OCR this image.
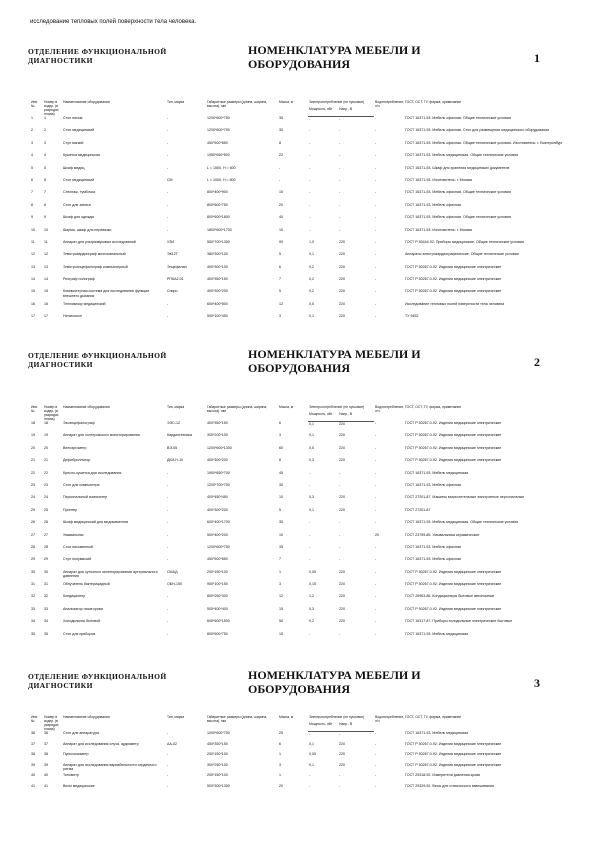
исследование тепловых полей поверхности тела человека.
ОТДЕЛЕНИЕ ФУНКЦИОНАЛЬНОЙ ДИАГНОСТИКИ
НОМЕНКЛАТУРА МЕБЕЛИ И ОБОРУДОВАНИЯ	1
Инв. №	Номер в кодир. (в разрядах плана)	Наименование оборудования	Тип, марка	Габаритные размеры (длина, ширина, высота), мм	Масса, кг	Электропотребление (не пусковое)		Водопотребление, л/ч	ГОСТ, ОСТ, ТУ, фирма, примечание
						Мощность, кВт	Напр., В		
1	1	Стол письм.	-	1200*600*750	35	-	-	-	ГОСТ 16371-93. Мебель офисная. Общие технические условия
2	2	Стол медицинский	-	1200*600*750	30	-	-	-	ГОСТ 16371-93. Мебель офисная. Стол для размещения медицинского оборудования
3	3	Стул мягкий	-	450*500*850	8	-	-	-	ГОСТ 16371-93. Мебель офисная. Общие технические условия. Изготовитель: г. Екатеринбург
4	4	Кушетка медицинская	-	1950*650*500	22	-	-	-	ГОСТ 16371-93. Мебель медицинская. Общие технические условия
5	5	Шкаф медиц.	-	L = 1500, H = 600	-	-	-	-	ГОСТ 16371-93. Шкаф для хранения медицинских документов
6	6	Стол медицинский	СМ	L = 1000, H = 800	-	-	-	-	ГОСТ 16371-93. Изготовитель: г. Москва
7	7	Стеллаж, тумбочка	-	800*400*900	15	-	-	-	ГОСТ 16371-93. Мебель офисная. Общие технические условия
8	8	Стол для записи	-	800*600*750	20	-	-	-	ГОСТ 16371-93. Мебель офисная
9	9	Шкаф для одежды	-	800*600*1800	40	-	-	-	ГОСТ 16371-93. Мебель офисная. Общие технические условия
10	10	Ширма, шкаф для перевязки	-	1800*600*1700	10	-	-	-	ГОСТ 16371-93. Изготовитель: г. Москва
11	11	Аппарат для ультразвуковых исследований	УЗИ	550*700*1300	90	1,0	220	-	ГОСТ Р 50444-92. Приборы медицинские. Общие технические условия
12	12	Электрокардиограф многоканальный	ЭК12Т	380*300*100	5	0,1	220	-	Аппараты электрокардиографические. Общие технические условия
13	13	Электроэнцефалограф компьютерный	Энцефалан	400*300*100	6	0,2	220	-	ГОСТ Р 50267.0-92. Изделия медицинские электрические
14	14	Реограф полиграф	РПКА2-01	400*350*150	7	0,2	220	-	ГОСТ Р 50267.0-92. Изделия медицинские электрические
15	15	Компьютерная система для исследования функции внешнего дыхания	Спиро	400*300*200	5	0,2	220	-	ГОСТ Р 50267.0-92. Изделия медицинские электрические
16	16	Тепловизор медицинский	-	600*400*500	12	0,5	220	-	Исследование тепловых полей поверхности тела человека
17	17	Негатоскоп	-	500*100*450	3	0,1	220	-	ТУ 9452
ОТДЕЛЕНИЕ ФУНКЦИОНАЛЬНОЙ ДИАГНОСТИКИ
НОМЕНКЛАТУРА МЕБЕЛИ И ОБОРУДОВАНИЯ	2
Инв. №	Номер в кодир. (в разрядах плана)	Наименование оборудования	Тип, марка	Габаритные размеры (длина, ширина, высота), мм	Масса, кг	Электропотребление (не пусковое)		Водопотребление, л/ч	ГОСТ, ОСТ, ТУ, фирма, примечание
						Мощность, кВт	Напр., В		
18	18	Эхоэнцефалограф	ЭЭС-12	400*350*150	6	0,1	220	-	ГОСТ Р 50267.0-92. Изделия медицинские электрические
19	19	Аппарат для холтеровского мониторирования	Кардиотехника	300*200*100	3	0,1	220	-	ГОСТ Р 50267.0-92. Изделия медицинские электрические
20	20	Велоэргометр	ВЭ-05	1200*600*1300	60	0,5	220	-	ГОСТ Р 50267.0-92. Изделия медицинские электрические
21	21	Дефибриллятор	ДКИ-Н-10	400*300*200	8	0,3	220	-	ГОСТ Р 50267.0-92. Изделия медицинские электрические
22	22	Кресло-кушетка для исследования	-	1900*650*700	45	-	-	-	ГОСТ 16371-93. Мебель медицинская
23	23	Стол для компьютера	-	1200*700*750	30	-	-	-	ГОСТ 16371-93. Мебель офисная
24	24	Персональный компьютер	-	400*450*450	10	0,3	220	-	ГОСТ 27201-87. Машины вычислительные электронные персональные
25	25	Принтер	-	400*300*200	5	0,1	220	-	ГОСТ 27201-87
26	26	Шкаф медицинский для медикаментов	-	600*400*1700	35	-	-	-	ГОСТ 16371-93. Мебель медицинская. Общие технические условия
27	27	Умывальник	-	500*400*200	10	-	-	20	ГОСТ 23759-85. Умывальники керамические
28	28	Стол письменный	-	1200*600*750	35	-	-	-	ГОСТ 16371-93. Мебель офисная
29	29	Стул полумягкий	-	450*500*850	7	-	-	-	ГОСТ 16371-93. Мебель офисная
30	30	Аппарат для суточного мониторирования артериального давления	СМАД	200*150*100	1	0,05	220	-	ГОСТ Р 50267.0-92. Изделия медицинские электрические
31	31	Облучатель бактерицидный	ОБН-150	900*100*150	3	0,15	220	-	ГОСТ Р 50267.0-92. Изделия медицинские электрические
32	32	Кондиционер	-	800*250*300	12	1,2	220	-	ГОСТ 26963-86. Кондиционеры бытовые автономные
33	33	Анализатор газов крови	-	500*400*400	15	0,3	220	-	ГОСТ Р 50267.0-92. Изделия медицинские электрические
34	34	Холодильник бытовой	-	600*600*1500	50	0,2	220	-	ГОСТ 16317-87. Приборы холодильные электрические бытовые
35	35	Стол для приборов	-	800*500*750	15	-	-	-	ГОСТ 16371-93. Мебель медицинская
ОТДЕЛЕНИЕ ФУНКЦИОНАЛЬНОЙ ДИАГНОСТИКИ
НОМЕНКЛАТУРА МЕБЕЛИ И ОБОРУДОВАНИЯ	3
Инв. №	Номер в кодир. (в разрядах плана)	Наименование оборудования	Тип, марка	Габаритные размеры (длина, ширина, высота), мм	Масса, кг	Электропотребление (не пусковое)		Водопотребление, л/ч	ГОСТ, ОСТ, ТУ, фирма, примечание
						Мощность, кВт	Напр., В		
36	36	Стол для аппаратуры	-	1000*600*750	25	-	-	-	ГОСТ 16371-93. Мебель медицинская
37	37	Аппарат для исследования слуха, аудиометр	АА-02	450*350*150	6	0,1	220	-	ГОСТ Р 50267.0-92. Изделия медицинские электрические
38	38	Пульсоксиметр	-	200*150*100	1	0,05	220	-	ГОСТ Р 50267.0-92. Изделия медицинские электрические
39	39	Аппарат для исследования вариабельности сердечного ритма	-	300*250*100	3	0,1	220	-	ГОСТ Р 50267.0-92. Изделия медицинские электрические
40	40	Тонометр	-	200*150*100	1	-	-	-	ГОСТ 29318-92. Измерители давления крови
41	41	Весы медицинские	-	500*300*1300	20	-	-	-	ГОСТ 29329-92. Весы для статического взвешивания
